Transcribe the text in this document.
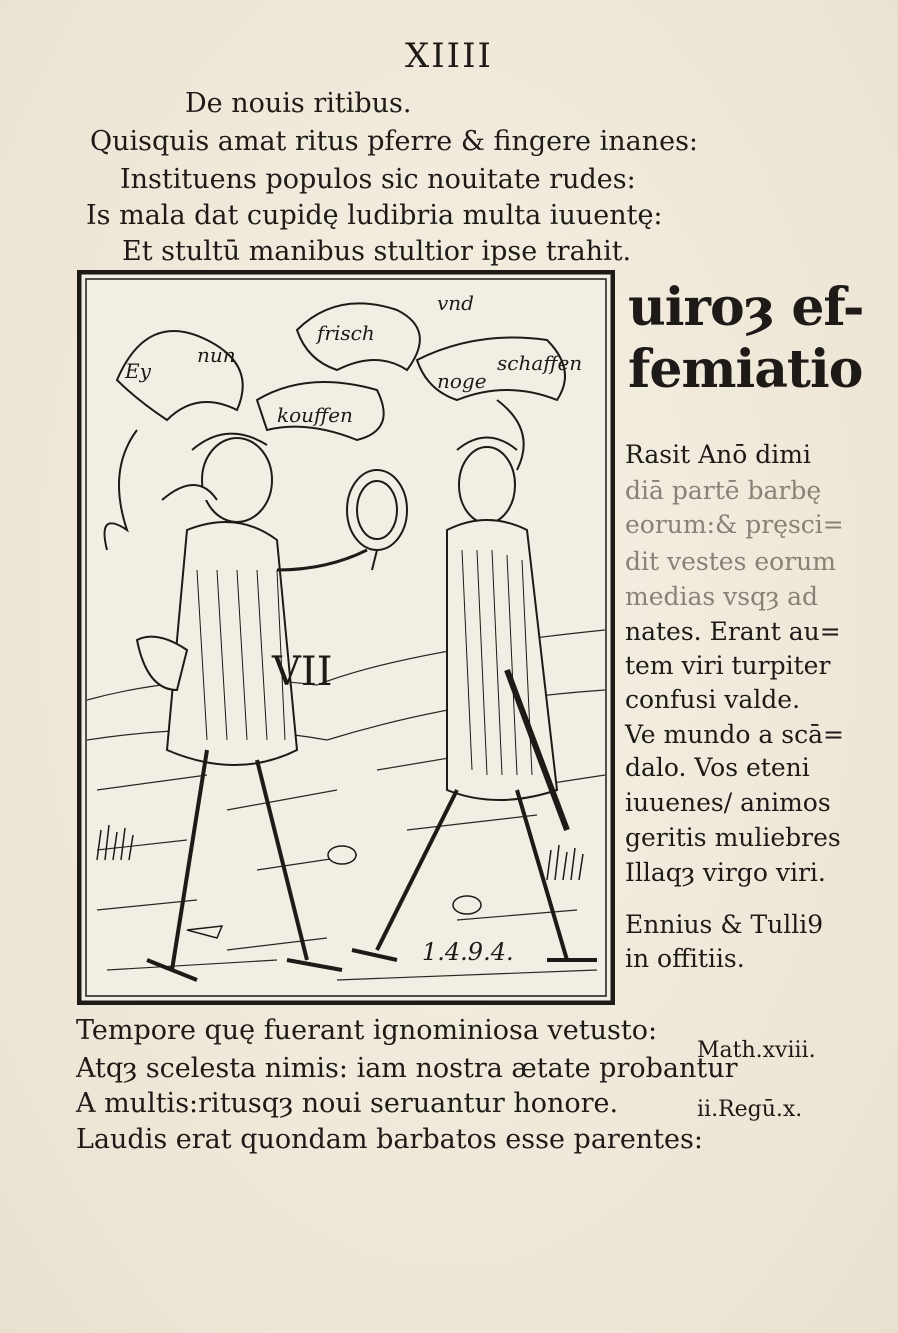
XIIII
De nouis ritibus.
Quisquis amat ritus pferre & fingere inanes:
Instituens populos sic nouitate rudes:
Is mala dat cupidę ludibria multa iuuentę:
Et stultū manibus stultior ipse trahit.
Ey
nun
frisch
vnd
kouffen
noge
schaffen
VII
1.4.9.4.
uiroȝ ef-
femiatio
Rasit Anō dimi
diā partē barbę
eorum:& pręsci=
dit vestes eorum
medias vsqȝ ad
nates. Erant au=
tem viri turpiter
confusi valde.
Ve mundo a scā=
dalo. Vos eteni
iuuenes/ animos
geritis muliebres
Illaqȝ virgo viri.
Ennius & Tulli9
in offitiis.
Tempore quę fuerant ignominiosa vetusto:
Atqȝ scelesta nimis: iam nostra ætate probantur
A multis:ritusqȝ noui seruantur honore.
Laudis erat quondam barbatos esse parentes:
Math.xviii.
ii.Regū.x.
